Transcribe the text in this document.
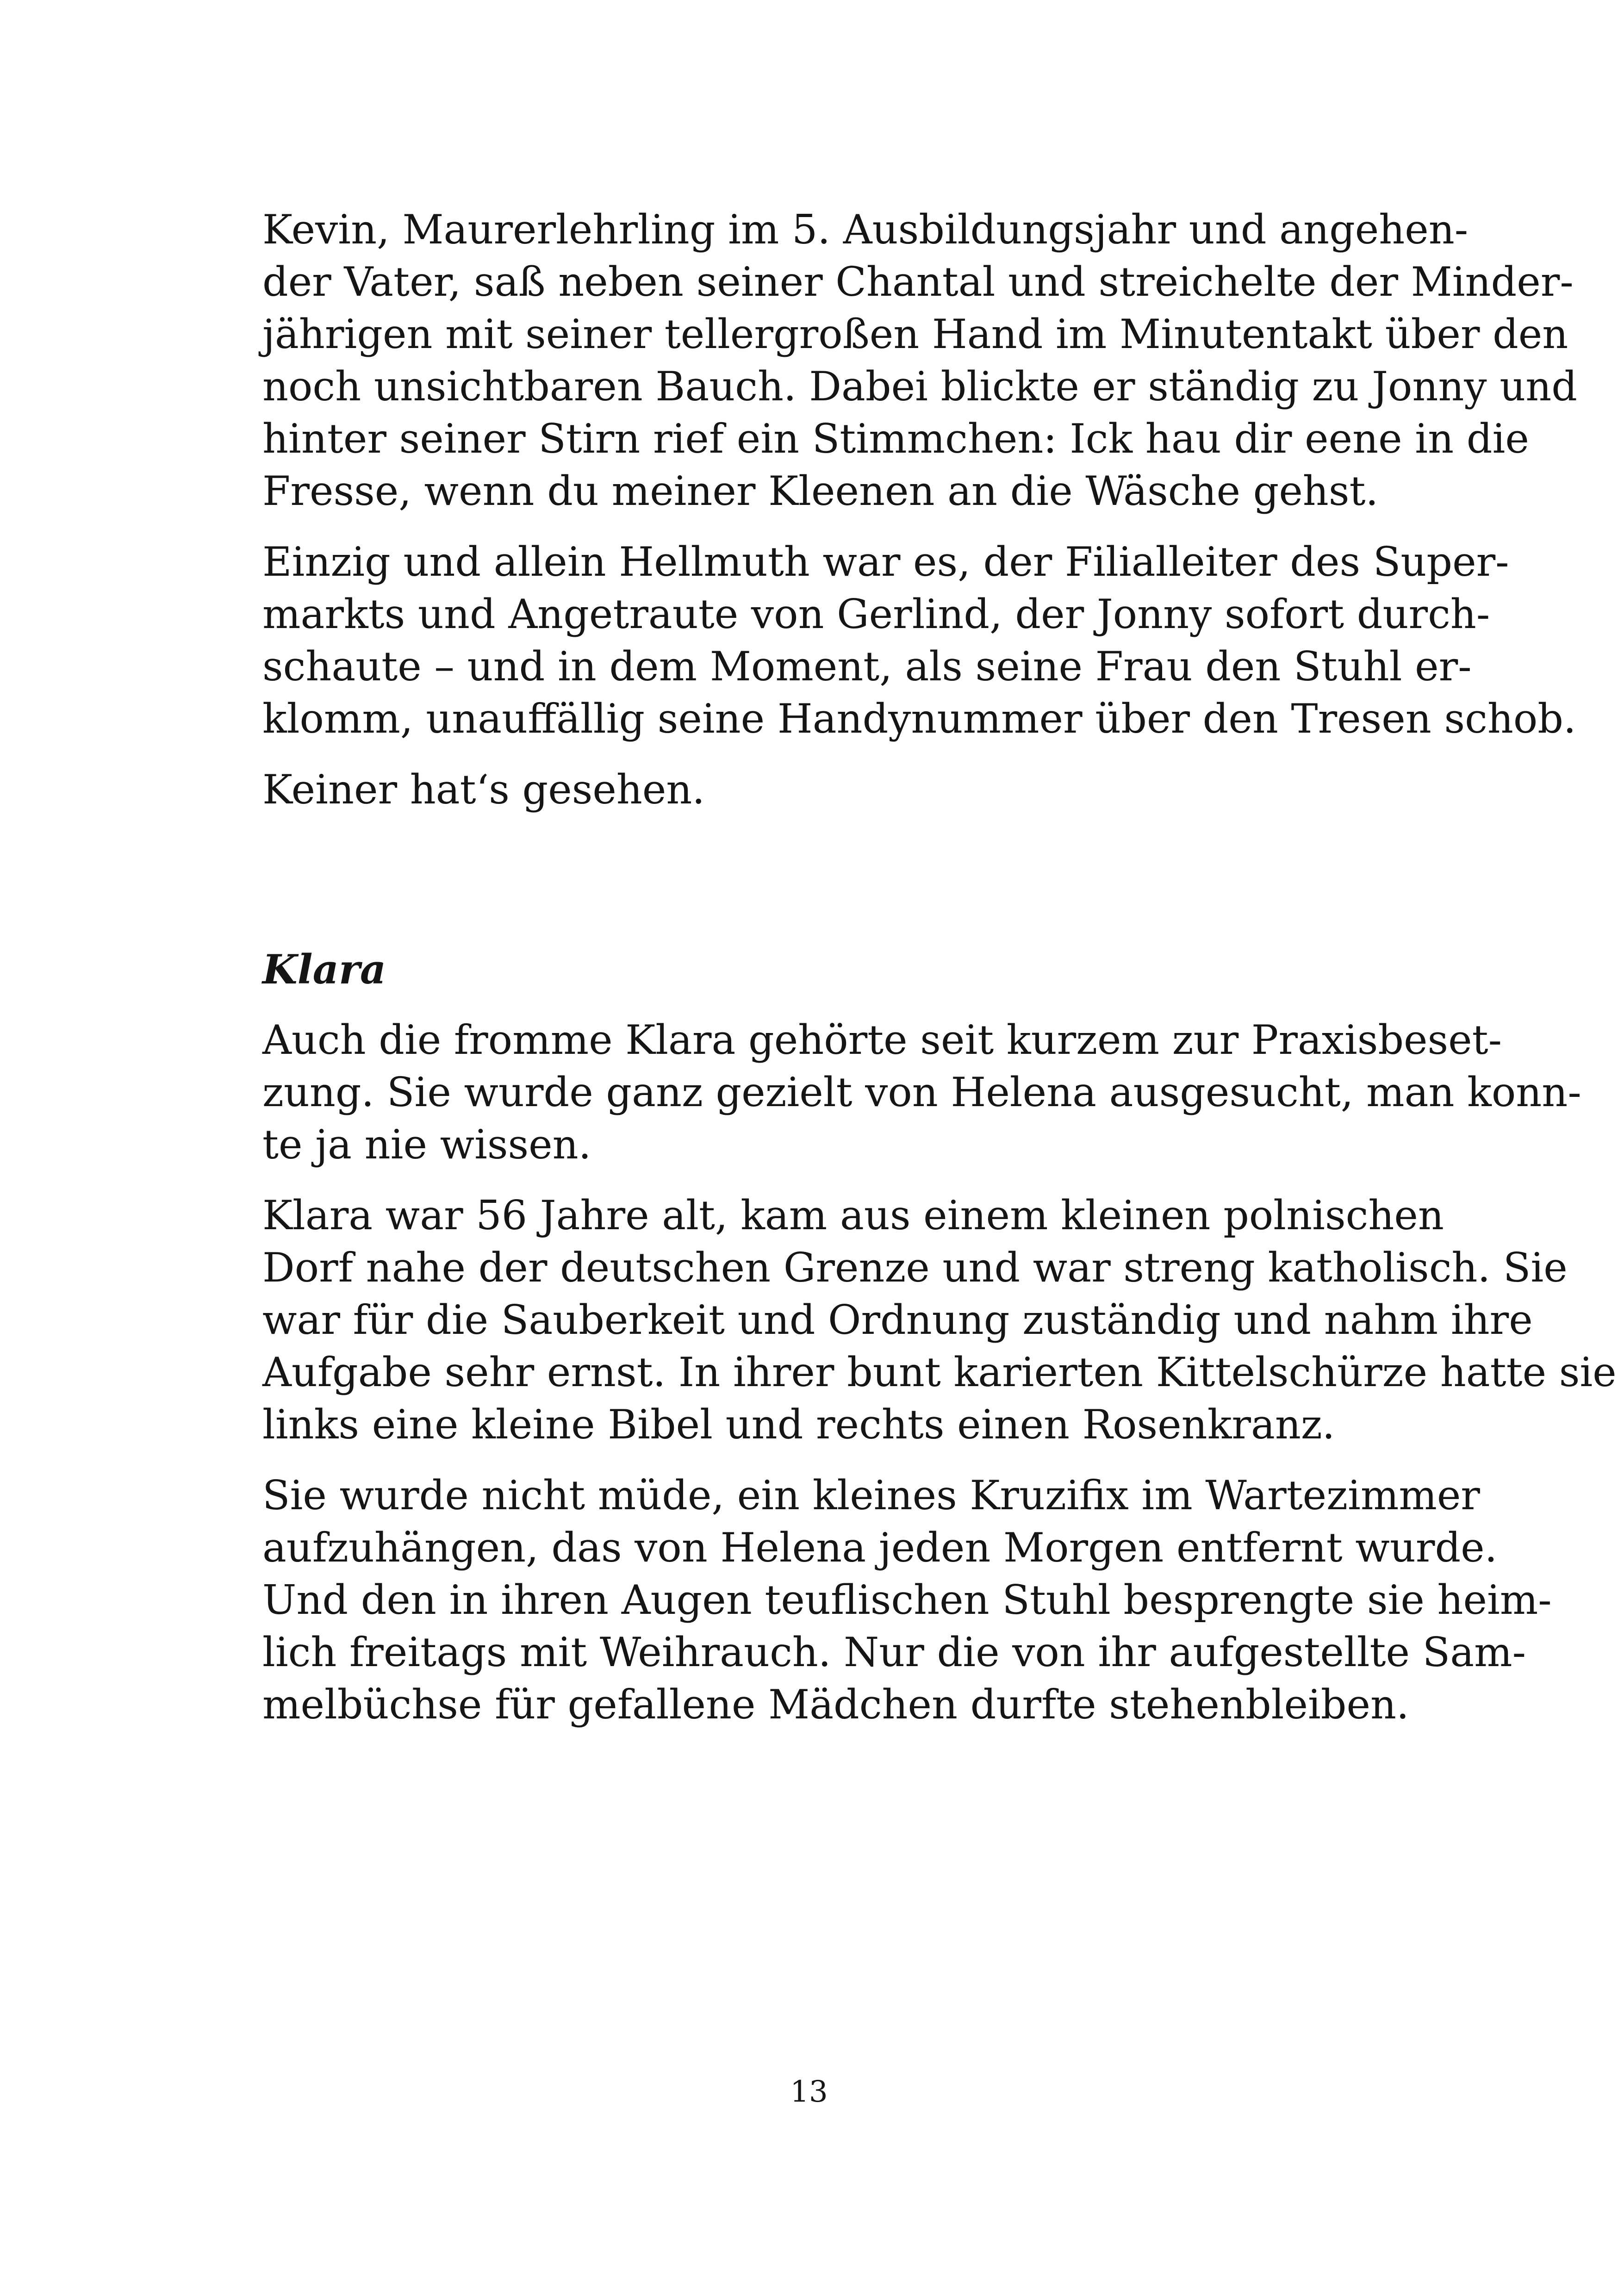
Kevin, Maurerlehrling im 5. Ausbildungsjahr und angehen-
der Vater, saß neben seiner Chantal und streichelte der Minder-
jährigen mit seiner tellergroßen Hand im Minutentakt über den
noch unsichtbaren Bauch. Dabei blickte er ständig zu Jonny und
hinter seiner Stirn rief ein Stimmchen: Ick hau dir eene in die
Fresse, wenn du meiner Kleenen an die Wäsche gehst.

Einzig und allein Hellmuth war es, der Filialleiter des Super-
markts und Angetraute von Gerlind, der Jonny sofort durch-
schaute – und in dem Moment, als seine Frau den Stuhl er-
klomm, unauffällig seine Handynummer über den Tresen schob.

Keiner hat‘s gesehen.

Klara

Auch die fromme Klara gehörte seit kurzem zur Praxisbeset-
zung. Sie wurde ganz gezielt von Helena ausgesucht, man konn-
te ja nie wissen.

Klara war 56 Jahre alt, kam aus einem kleinen polnischen
Dorf nahe der deutschen Grenze und war streng katholisch. Sie
war für die Sauberkeit und Ordnung zuständig und nahm ihre
Aufgabe sehr ernst. In ihrer bunt karierten Kittelschürze hatte sie
links eine kleine Bibel und rechts einen Rosenkranz.

Sie wurde nicht müde, ein kleines Kruzifix im Wartezimmer
aufzuhängen, das von Helena jeden Morgen entfernt wurde.
Und den in ihren Augen teuflischen Stuhl besprengte sie heim-
lich freitags mit Weihrauch. Nur die von ihr aufgestellte Sam-
melbüchse für gefallene Mädchen durfte stehenbleiben.

13
